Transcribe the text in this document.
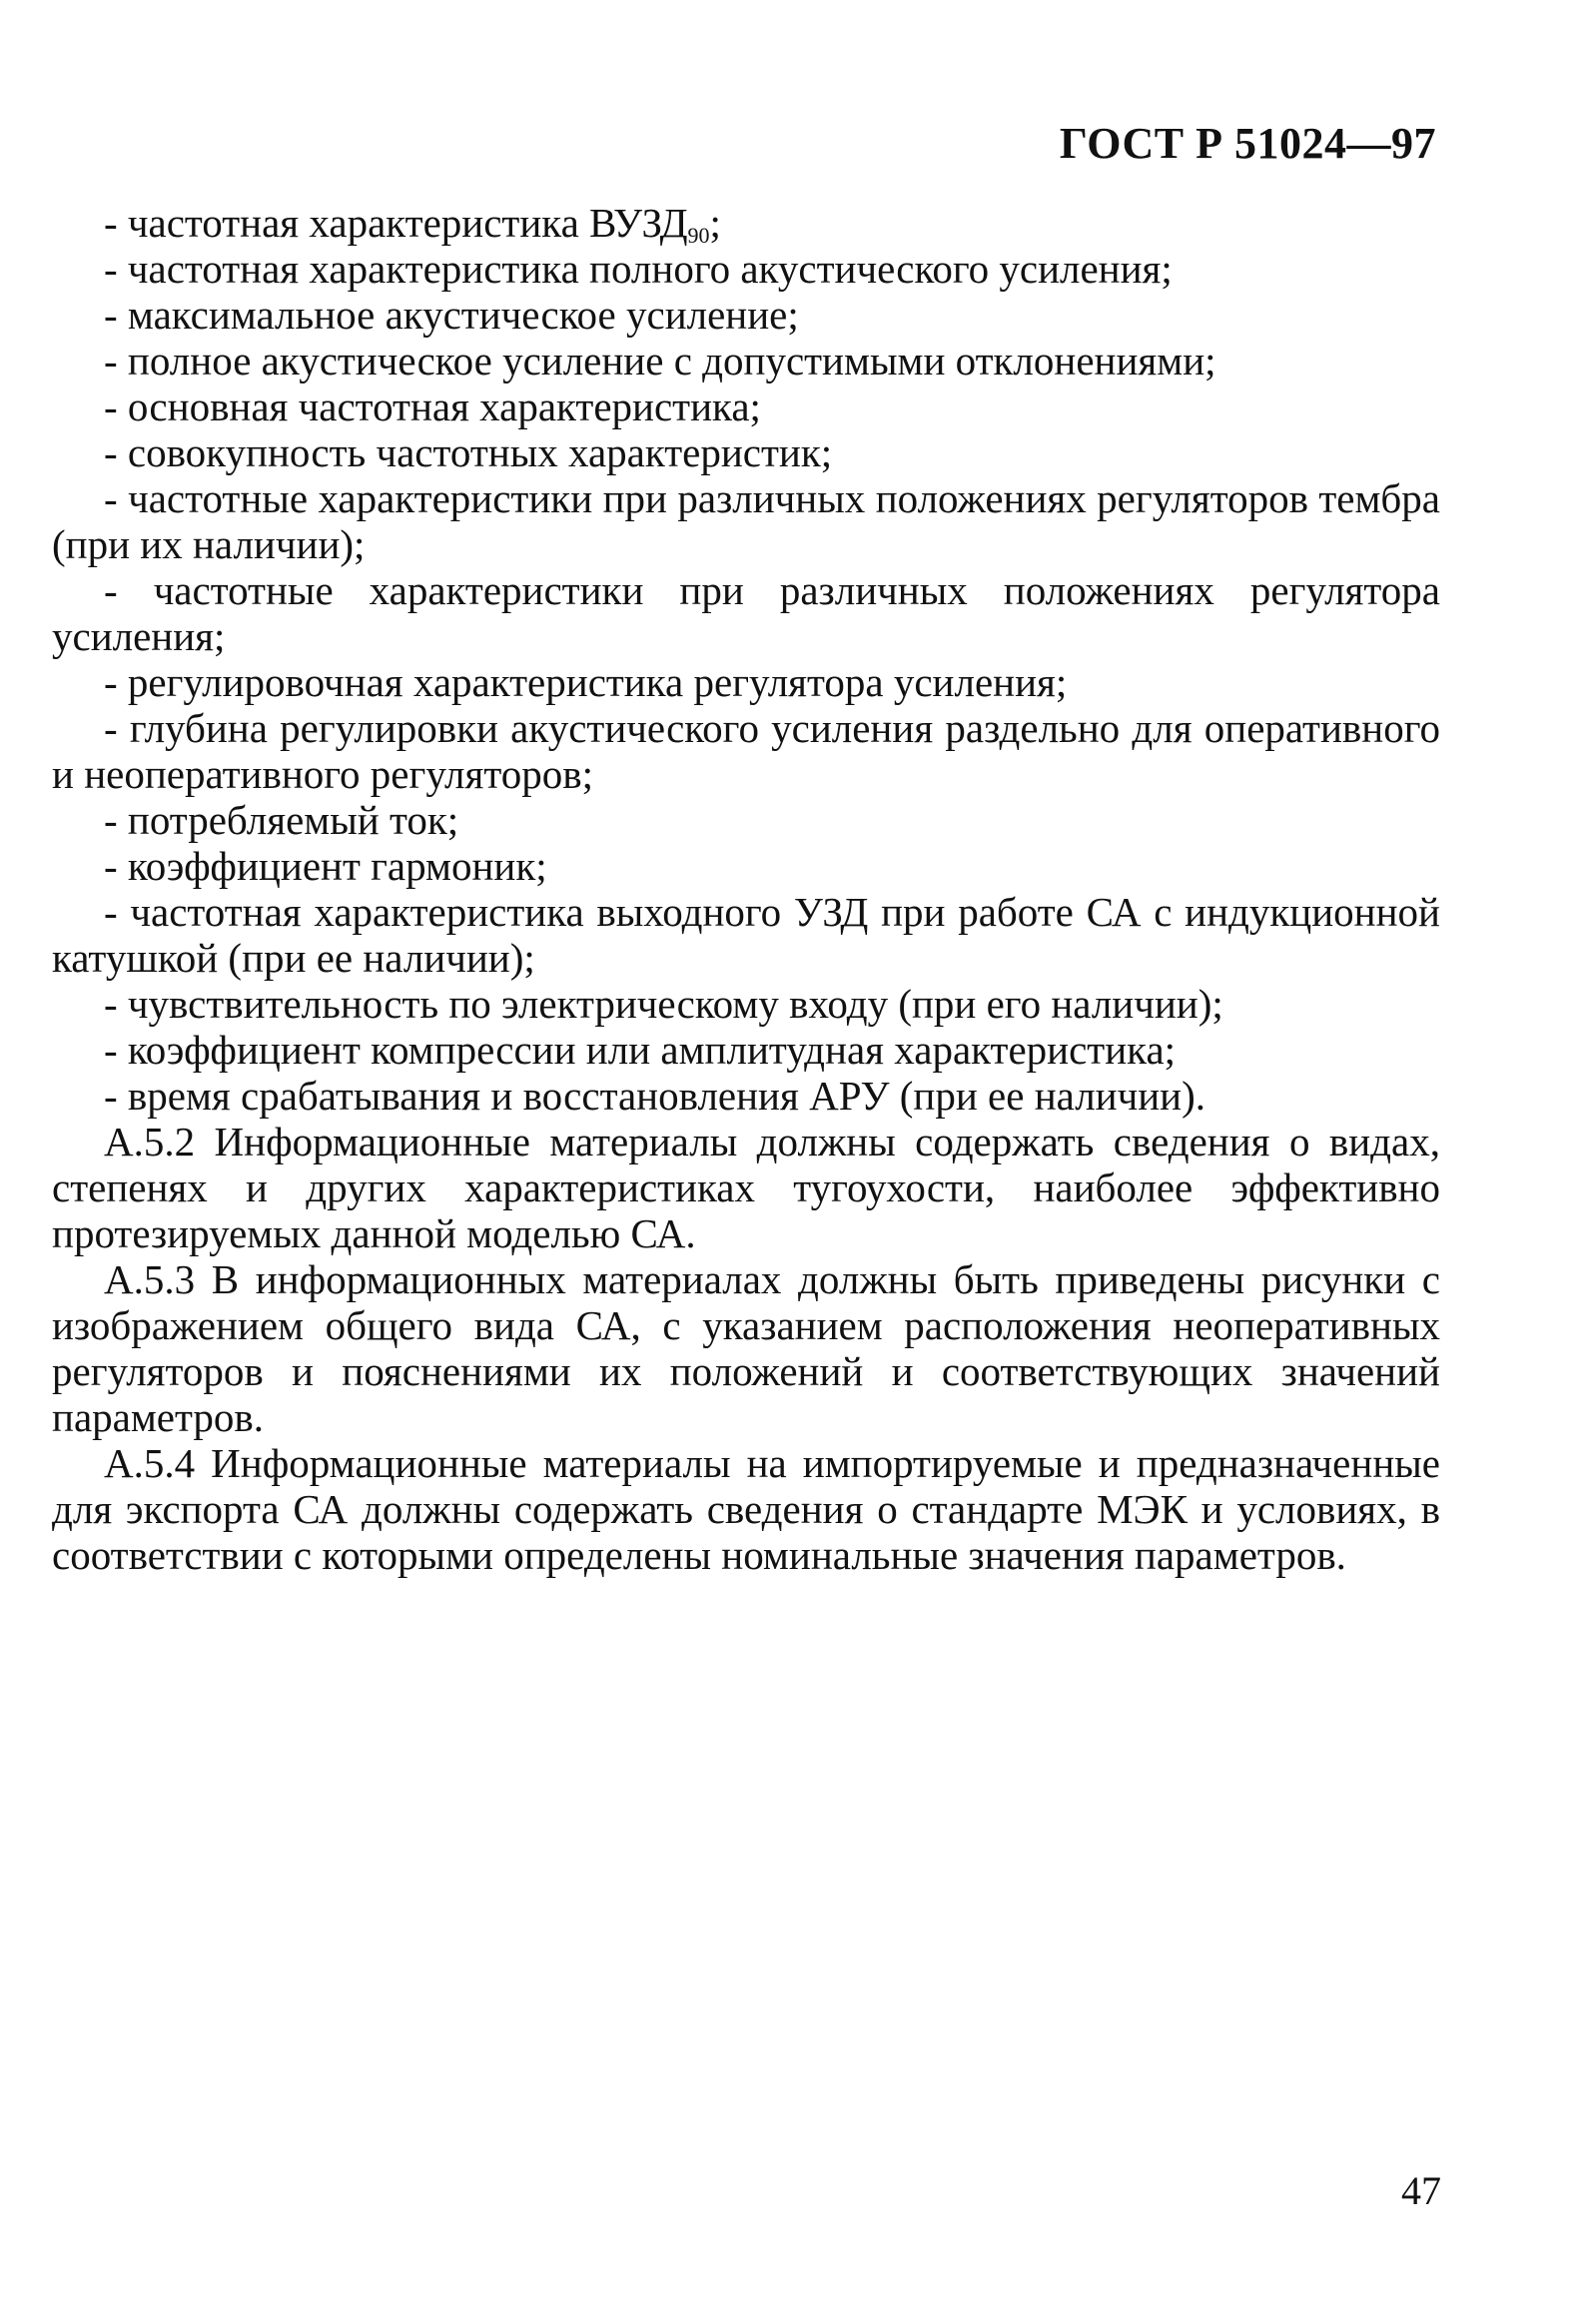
ГОСТ Р 51024—97

- частотная характеристика $ВУЗД_{90}$;

- частотная характеристика полного акустического усиления;

- максимальное акустическое усиление;

- полное акустическое усиление с допустимыми отклонениями;

- основная частотная характеристика;

- совокупность частотных характеристик;

- частотные характеристики при различных положениях регуляторов тембра (при их наличии);

- частотные характеристики при различных положениях регулятора усиления;

- регулировочная характеристика регулятора усиления;

- глубина регулировки акустического усиления раздельно для оперативного и неоперативного регуляторов;

- потребляемый ток;

- коэффициент гармоник;

- частотная характеристика выходного УЗД при работе СА с индукционной катушкой (при ее наличии);

- чувствительность по электрическому входу (при его наличии);

- коэффициент компрессии или амплитудная характеристика;

- время срабатывания и восстановления АРУ (при ее наличии).

А.5.2 Информационные материалы должны содержать сведения о видах, степенях и других характеристиках тугоухости, наиболее эффективно протезируемых данной моделью СА.

А.5.3 В информационных материалах должны быть приведены рисунки с изображением общего вида СА, с указанием расположения неоперативных регуляторов и пояснениями их положений и соответствующих значений параметров.

А.5.4 Информационные материалы на импортируемые и предназначенные для экспорта СА должны содержать сведения о стандарте МЭК и условиях, в соответствии с которыми определены номинальные значения параметров.

47
